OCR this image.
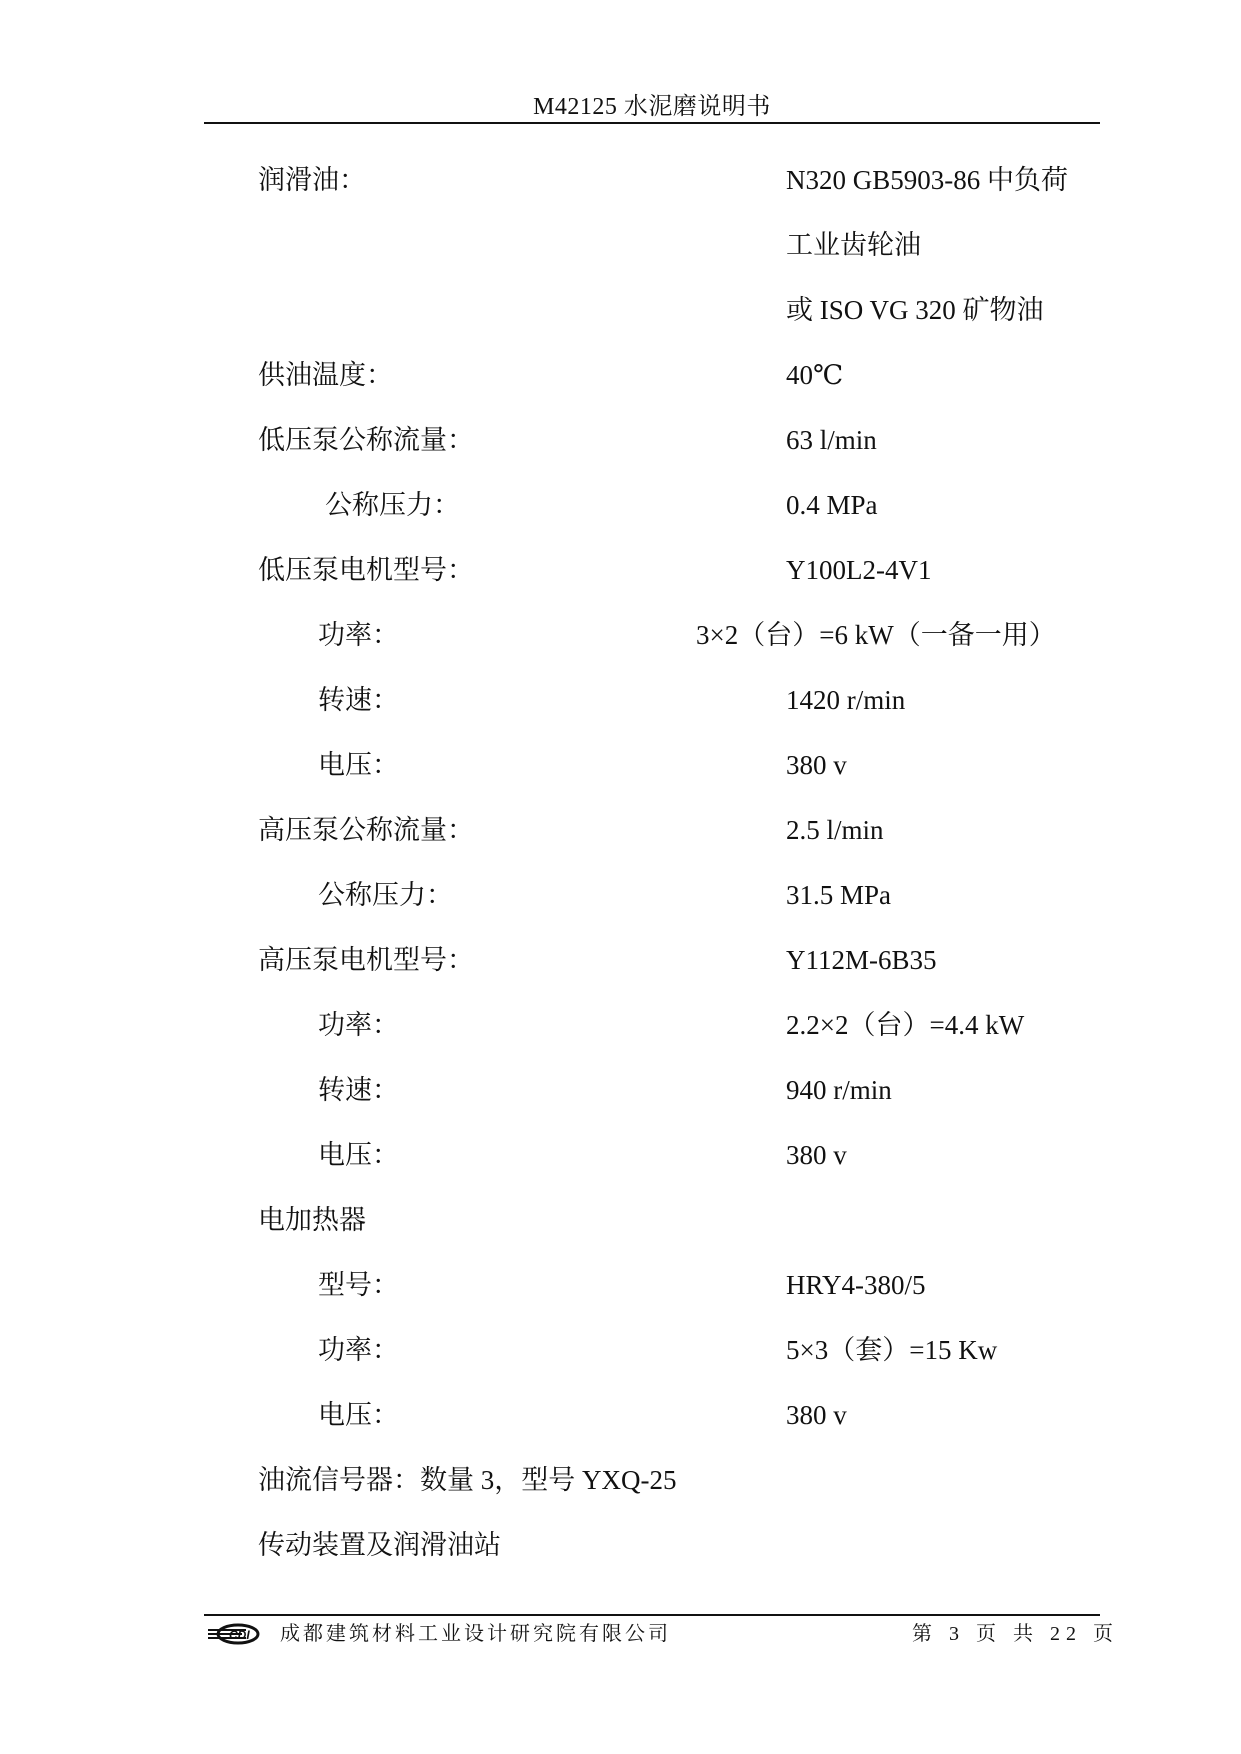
M42125 水泥磨说明书
润滑油：	N320 GB5903-86 中负荷
工业齿轮油
或 ISO VG 320 矿物油
供油温度：	40℃
低压泵公称流量：	63 l/min
公称压力：	0.4 MPa
低压泵电机型号：	Y100L2-4V1
功率：	3×2（台）=6 kW（一备一用）
转速：	1420 r/min
电压：	380 v
高压泵公称流量：	2.5 l/min
公称压力：	31.5 MPa
高压泵电机型号：	Y112M-6B35
功率：	2.2×2（台）=4.4 kW
转速：	940 r/min
电压：	380 v
电加热器
型号：	HRY4-380/5
功率：	5×3（套）=15 Kw
电压：	380 v
油流信号器：数量 3，型号 YXQ-25
传动装置及润滑油站
CDI 成都建筑材料工业设计研究院有限公司	第 3 页 共 22 页
